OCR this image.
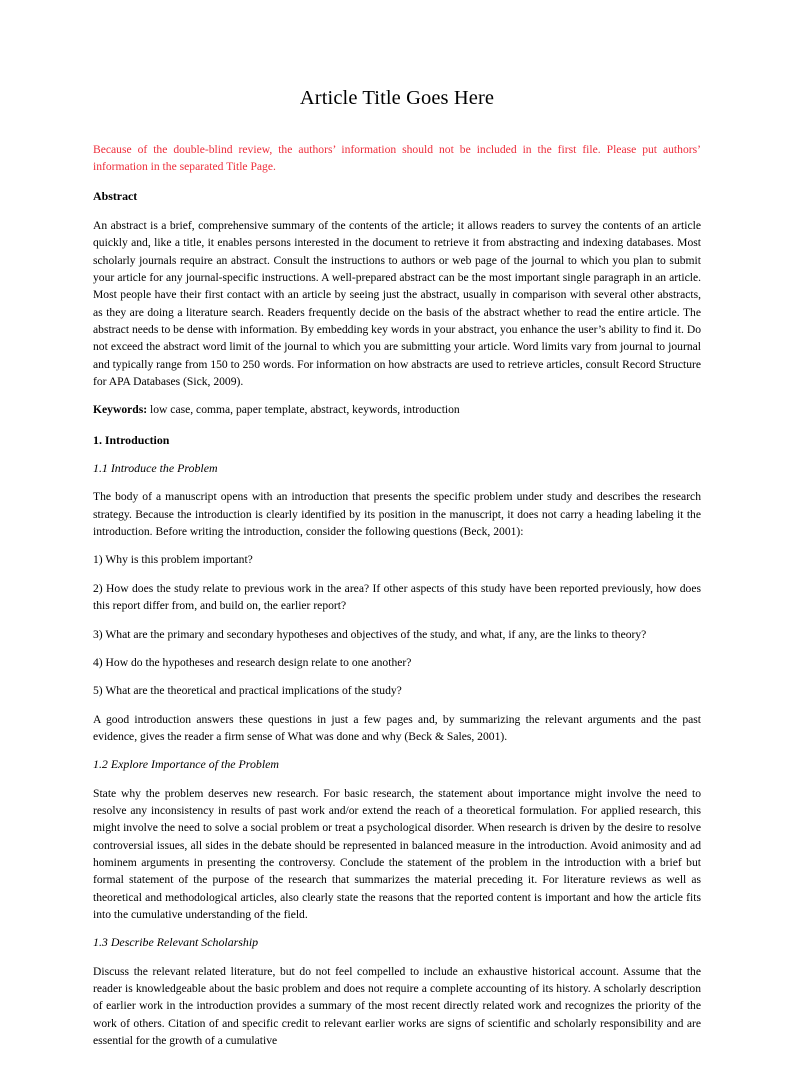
Article Title Goes Here

Because of the double-blind review, the authors’ information should not be included in the first file. Please put authors’ information in the separated Title Page.

Abstract

An abstract is a brief, comprehensive summary of the contents of the article; it allows readers to survey the contents of an article quickly and, like a title, it enables persons interested in the document to retrieve it from abstracting and indexing databases. Most scholarly journals require an abstract. Consult the instructions to authors or web page of the journal to which you plan to submit your article for any journal-specific instructions. A well-prepared abstract can be the most important single paragraph in an article. Most people have their first contact with an article by seeing just the abstract, usually in comparison with several other abstracts, as they are doing a literature search. Readers frequently decide on the basis of the abstract whether to read the entire article. The abstract needs to be dense with information. By embedding key words in your abstract, you enhance the user’s ability to find it. Do not exceed the abstract word limit of the journal to which you are submitting your article. Word limits vary from journal to journal and typically range from 150 to 250 words. For information on how abstracts are used to retrieve articles, consult Record Structure for APA Databases (Sick, 2009).

Keywords: low case, comma, paper template, abstract, keywords, introduction

1. Introduction
1.1 Introduce the Problem

The body of a manuscript opens with an introduction that presents the specific problem under study and describes the research strategy. Because the introduction is clearly identified by its position in the manuscript, it does not carry a heading labeling it the introduction. Before writing the introduction, consider the following questions (Beck, 2001):

1) Why is this problem important?

2) How does the study relate to previous work in the area? If other aspects of this study have been reported previously, how does this report differ from, and build on, the earlier report?

3) What are the primary and secondary hypotheses and objectives of the study, and what, if any, are the links to theory?

4) How do the hypotheses and research design relate to one another?

5) What are the theoretical and practical implications of the study?

A good introduction answers these questions in just a few pages and, by summarizing the relevant arguments and the past evidence, gives the reader a firm sense of What was done and why (Beck & Sales, 2001).

1.2 Explore Importance of the Problem

State why the problem deserves new research. For basic research, the statement about importance might involve the need to resolve any inconsistency in results of past work and/or extend the reach of a theoretical formulation. For applied research, this might involve the need to solve a social problem or treat a psychological disorder. When research is driven by the desire to resolve controversial issues, all sides in the debate should be represented in balanced measure in the introduction. Avoid animosity and ad hominem arguments in presenting the controversy. Conclude the statement of the problem in the introduction with a brief but formal statement of the purpose of the research that summarizes the material preceding it. For literature reviews as well as theoretical and methodological articles, also clearly state the reasons that the reported content is important and how the article fits into the cumulative understanding of the field.

1.3 Describe Relevant Scholarship

Discuss the relevant related literature, but do not feel compelled to include an exhaustive historical account. Assume that the reader is knowledgeable about the basic problem and does not require a complete accounting of its history. A scholarly description of earlier work in the introduction provides a summary of the most recent directly related work and recognizes the priority of the work of others. Citation of and specific credit to relevant earlier works are signs of scientific and scholarly responsibility and are essential for the growth of a cumulative
